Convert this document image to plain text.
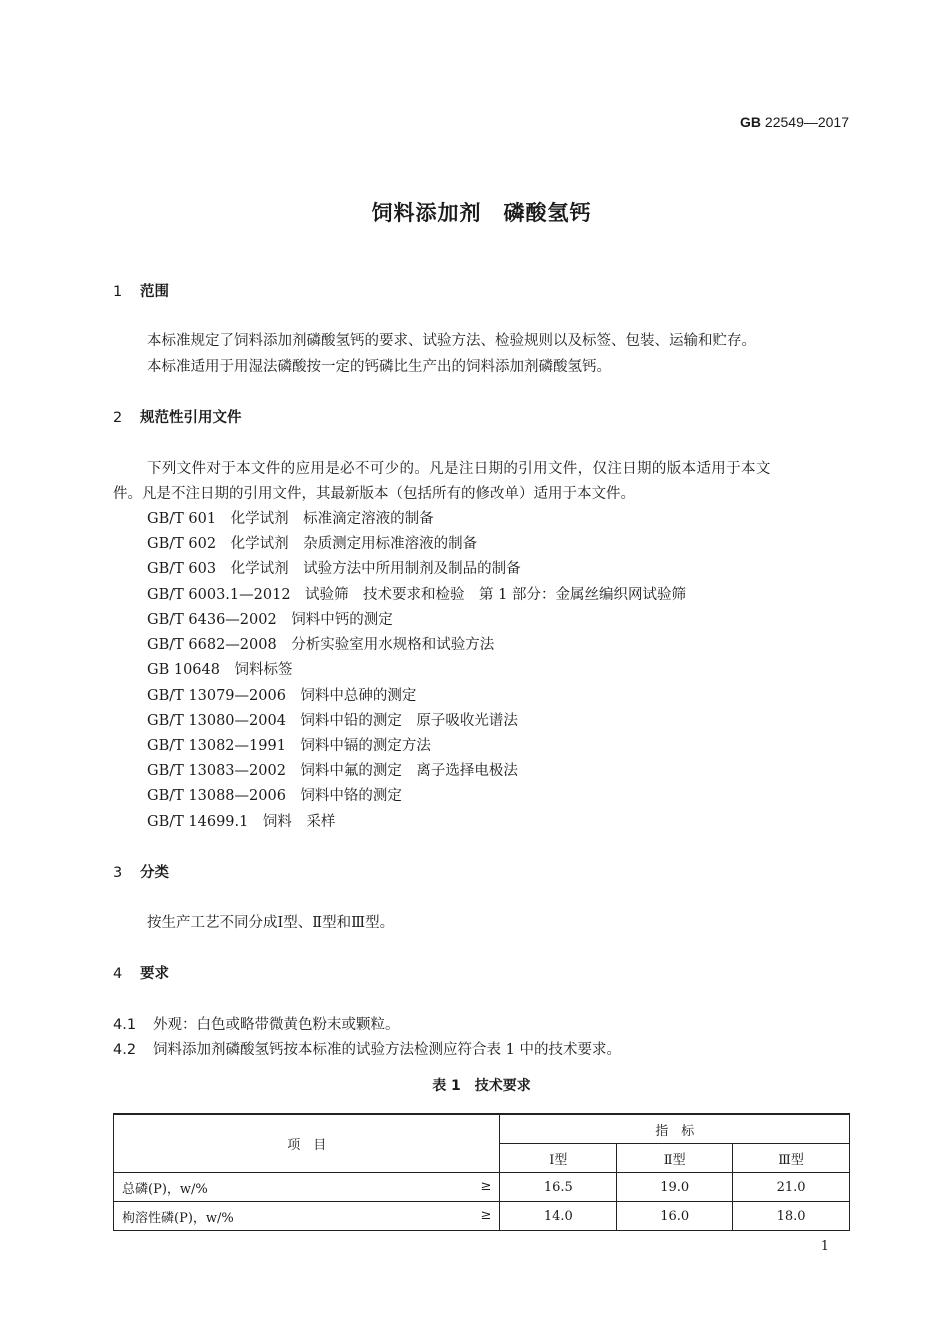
GB 22549—2017
饲料添加剂　磷酸氢钙
1 范围
本标准规定了饲料添加剂磷酸氢钙的要求、试验方法、检验规则以及标签、包装、运输和贮存。
本标准适用于用湿法磷酸按一定的钙磷比生产出的饲料添加剂磷酸氢钙。
2 规范性引用文件
下列文件对于本文件的应用是必不可少的。凡是注日期的引用文件，仅注日期的版本适用于本文
件。凡是不注日期的引用文件，其最新版本（包括所有的修改单）适用于本文件。
GB/T 601　化学试剂　标准滴定溶液的制备
GB/T 602　化学试剂　杂质测定用标准溶液的制备
GB/T 603　化学试剂　试验方法中所用制剂及制品的制备
GB/T 6003.1—2012　试验筛　技术要求和检验　第 1 部分：金属丝编织网试验筛
GB/T 6436—2002　饲料中钙的测定
GB/T 6682—2008　分析实验室用水规格和试验方法
GB 10648　饲料标签
GB/T 13079—2006　饲料中总砷的测定
GB/T 13080—2004　饲料中铅的测定　原子吸收光谱法
GB/T 13082—1991　饲料中镉的测定方法
GB/T 13083—2002　饲料中氟的测定　离子选择电极法
GB/T 13088—2006　饲料中铬的测定
GB/T 14699.1　饲料　采样
3 分类
按生产工艺不同分成Ⅰ型、Ⅱ型和Ⅲ型。
4 要求
4.1 外观：白色或略带微黄色粉末或颗粒。
4.2 饲料添加剂磷酸氢钙按本标准的试验方法检测应符合表 1 中的技术要求。
表 1　技术要求
项　目	指　标		
	Ⅰ型	Ⅱ型	Ⅲ型
总磷(P)，w/% ≥	16.5	19.0	21.0
枸溶性磷(P)，w/% ≥	14.0	16.0	18.0
1
